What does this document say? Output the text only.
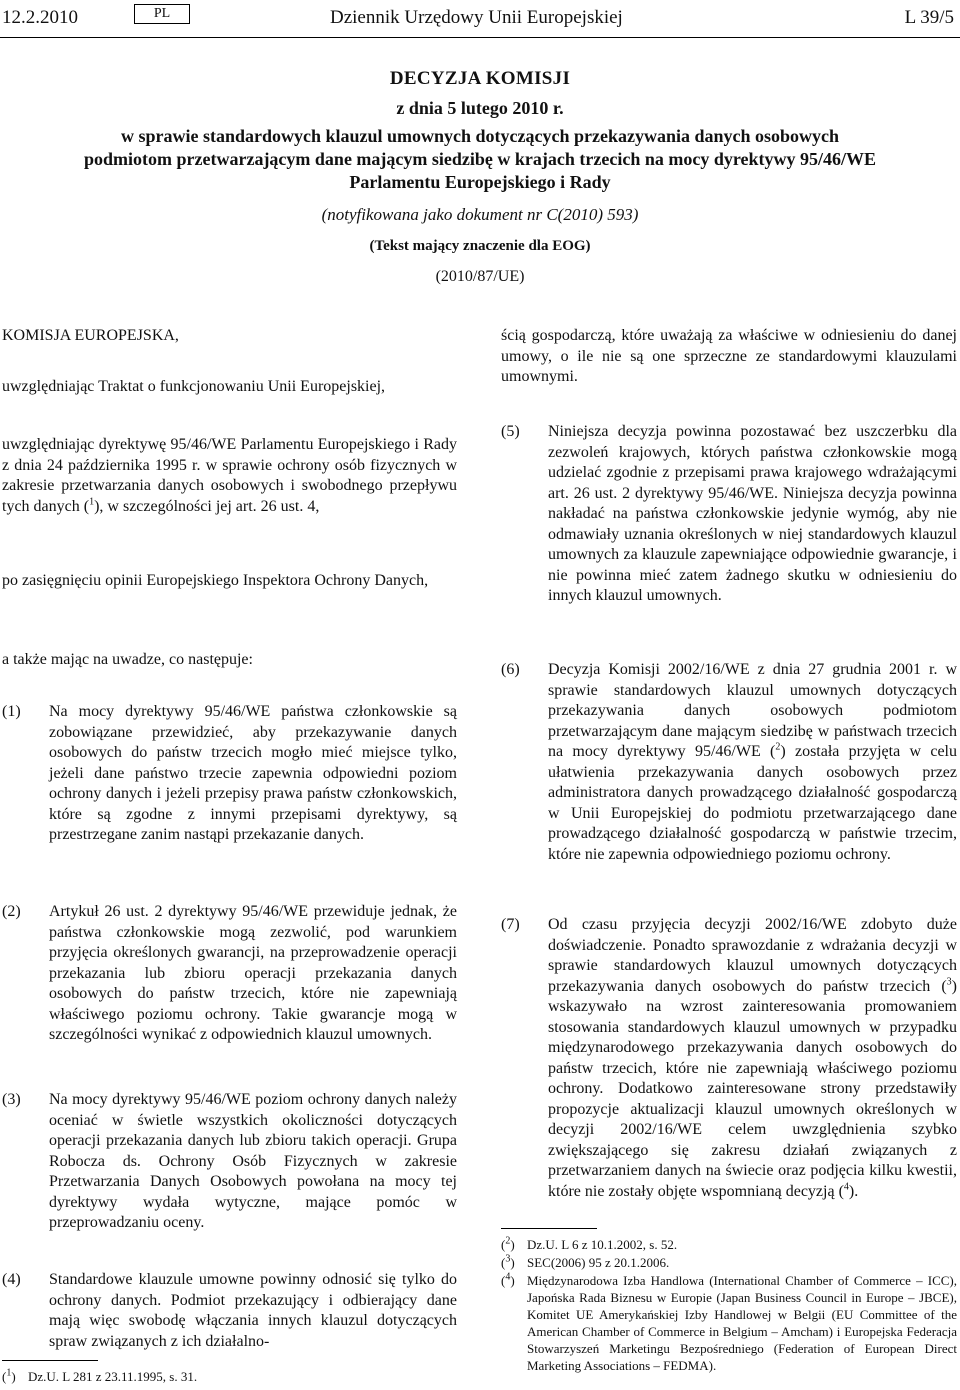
12.2.2010	PL	Dziennik Urzędowy Unii Europejskiej	L 39/5
DECYZJA KOMISJI
z dnia 5 lutego 2010 r.
w sprawie standardowych klauzul umownych dotyczących przekazywania danych osobowych podmiotom przetwarzającym dane mającym siedzibę w krajach trzecich na mocy dyrektywy 95/46/WE Parlamentu Europejskiego i Rady
(notyfikowana jako dokument nr C(2010) 593)
(Tekst mający znaczenie dla EOG)
(2010/87/UE)
KOMISJA EUROPEJSKA,
uwzględniając Traktat o funkcjonowaniu Unii Europejskiej,
uwzględniając dyrektywę 95/46/WE Parlamentu Europejskiego i Rady z dnia 24 października 1995 r. w sprawie ochrony osób fizycznych w zakresie przetwarzania danych osobowych i swobodnego przepływu tych danych ($^1$), w szczególności jej art. 26 ust. 4,
po zasięgnięciu opinii Europejskiego Inspektora Ochrony Danych,
a także mając na uwadze, co następuje:
(1) Na mocy dyrektywy 95/46/WE państwa członkowskie są zobowiązane przewidzieć, aby przekazywanie danych osobowych do państw trzecich mogło mieć miejsce tylko, jeżeli dane państwo trzecie zapewnia odpowiedni poziom ochrony danych i jeżeli przepisy prawa państw członkowskich, które są zgodne z innymi przepisami dyrektywy, są przestrzegane zanim nastąpi przekazanie danych.
(2) Artykuł 26 ust. 2 dyrektywy 95/46/WE przewiduje jednak, że państwa członkowskie mogą zezwolić, pod warunkiem przyjęcia określonych gwarancji, na przeprowadzenie operacji przekazania lub zbioru operacji przekazania danych osobowych do państw trzecich, które nie zapewniają właściwego poziomu ochrony. Takie gwarancje mogą w szczególności wynikać z odpowiednich klauzul umownych.
(3) Na mocy dyrektywy 95/46/WE poziom ochrony danych należy oceniać w świetle wszystkich okoliczności dotyczących operacji przekazania danych lub zbioru takich operacji. Grupa Robocza ds. Ochrony Osób Fizycznych w zakresie Przetwarzania Danych Osobowych powołana na mocy tej dyrektywy wydała wytyczne, mające pomóc w przeprowadzaniu oceny.
(4) Standardowe klauzule umowne powinny odnosić się tylko do ochrony danych. Podmiot przekazujący i odbierający dane mają więc swobodę włączania innych klauzul dotyczących spraw związanych z ich działalno-
($^1$) Dz.U. L 281 z 23.11.1995, s. 31.
ścią gospodarczą, które uważają za właściwe w odniesieniu do danej umowy, o ile nie są one sprzeczne ze standardowymi klauzulami umownymi.
(5) Niniejsza decyzja powinna pozostawać bez uszczerbku dla zezwoleń krajowych, których państwa członkowskie mogą udzielać zgodnie z przepisami prawa krajowego wdrażającymi art. 26 ust. 2 dyrektywy 95/46/WE. Niniejsza decyzja powinna nakładać na państwa członkowskie jedynie wymóg, aby nie odmawiały uznania określonych w niej standardowych klauzul umownych za klauzule zapewniające odpowiednie gwarancje, i nie powinna mieć zatem żadnego skutku w odniesieniu do innych klauzul umownych.
(6) Decyzja Komisji 2002/16/WE z dnia 27 grudnia 2001 r. w sprawie standardowych klauzul umownych dotyczących przekazywania danych osobowych podmiotom przetwarzającym dane mającym siedzibę w państwach trzecich na mocy dyrektywy 95/46/WE ($^2$) została przyjęta w celu ułatwienia przekazywania danych osobowych przez administratora danych prowadzącego działalność gospodarczą w Unii Europejskiej do podmiotu przetwarzającego dane prowadzącego działalność gospodarczą w państwie trzecim, które nie zapewnia odpowiedniego poziomu ochrony.
(7) Od czasu przyjęcia decyzji 2002/16/WE zdobyto duże doświadczenie. Ponadto sprawozdanie z wdrażania decyzji w sprawie standardowych klauzul umownych dotyczących przekazywania danych osobowych do państw trzecich ($^3$) wskazywało na wzrost zainteresowania promowaniem stosowania standardowych klauzul umownych w przypadku międzynarodowego przekazywania danych osobowych do państw trzecich, które nie zapewniają właściwego poziomu ochrony. Dodatkowo zainteresowane strony przedstawiły propozycje aktualizacji klauzul umownych określonych w decyzji 2002/16/WE celem uwzględnienia szybko zwiększającego się zakresu działań związanych z przetwarzaniem danych na świecie oraz podjęcia kilku kwestii, które nie zostały objęte wspomnianą decyzją ($^4$).
($^2$) Dz.U. L 6 z 10.1.2002, s. 52.
($^3$) SEC(2006) 95 z 20.1.2006.
($^4$) Międzynarodowa Izba Handlowa (International Chamber of Commerce – ICC), Japońska Rada Biznesu w Europie (Japan Business Council in Europe – JBCE), Komitet UE Amerykańskiej Izby Handlowej w Belgii (EU Committee of the American Chamber of Commerce in Belgium – Amcham) i Europejska Federacja Stowarzyszeń Marketingu Bezpośredniego (Federation of European Direct Marketing Associations – FEDMA).
